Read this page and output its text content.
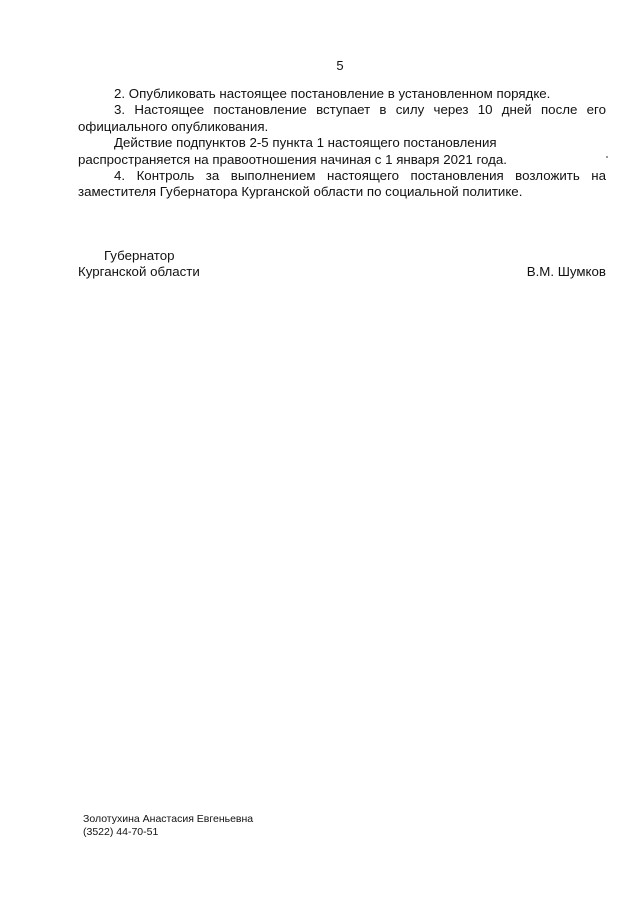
5

2. Опубликовать настоящее постановление в установленном порядке.

3. Настоящее постановление вступает в силу через 10 дней после его официального опубликования.

Действие подпунктов 2-5 пункта 1 настоящего постановления

распространяется на правоотношения начиная с 1 января 2021 года.

4. Контроль за выполнением настоящего постановления возложить на заместителя Губернатора Курганской области по социальной политике.

Губернатор
Курганской области	В.М. Шумков
Золотухина Анастасия Евгеньевна
(3522) 44-70-51
